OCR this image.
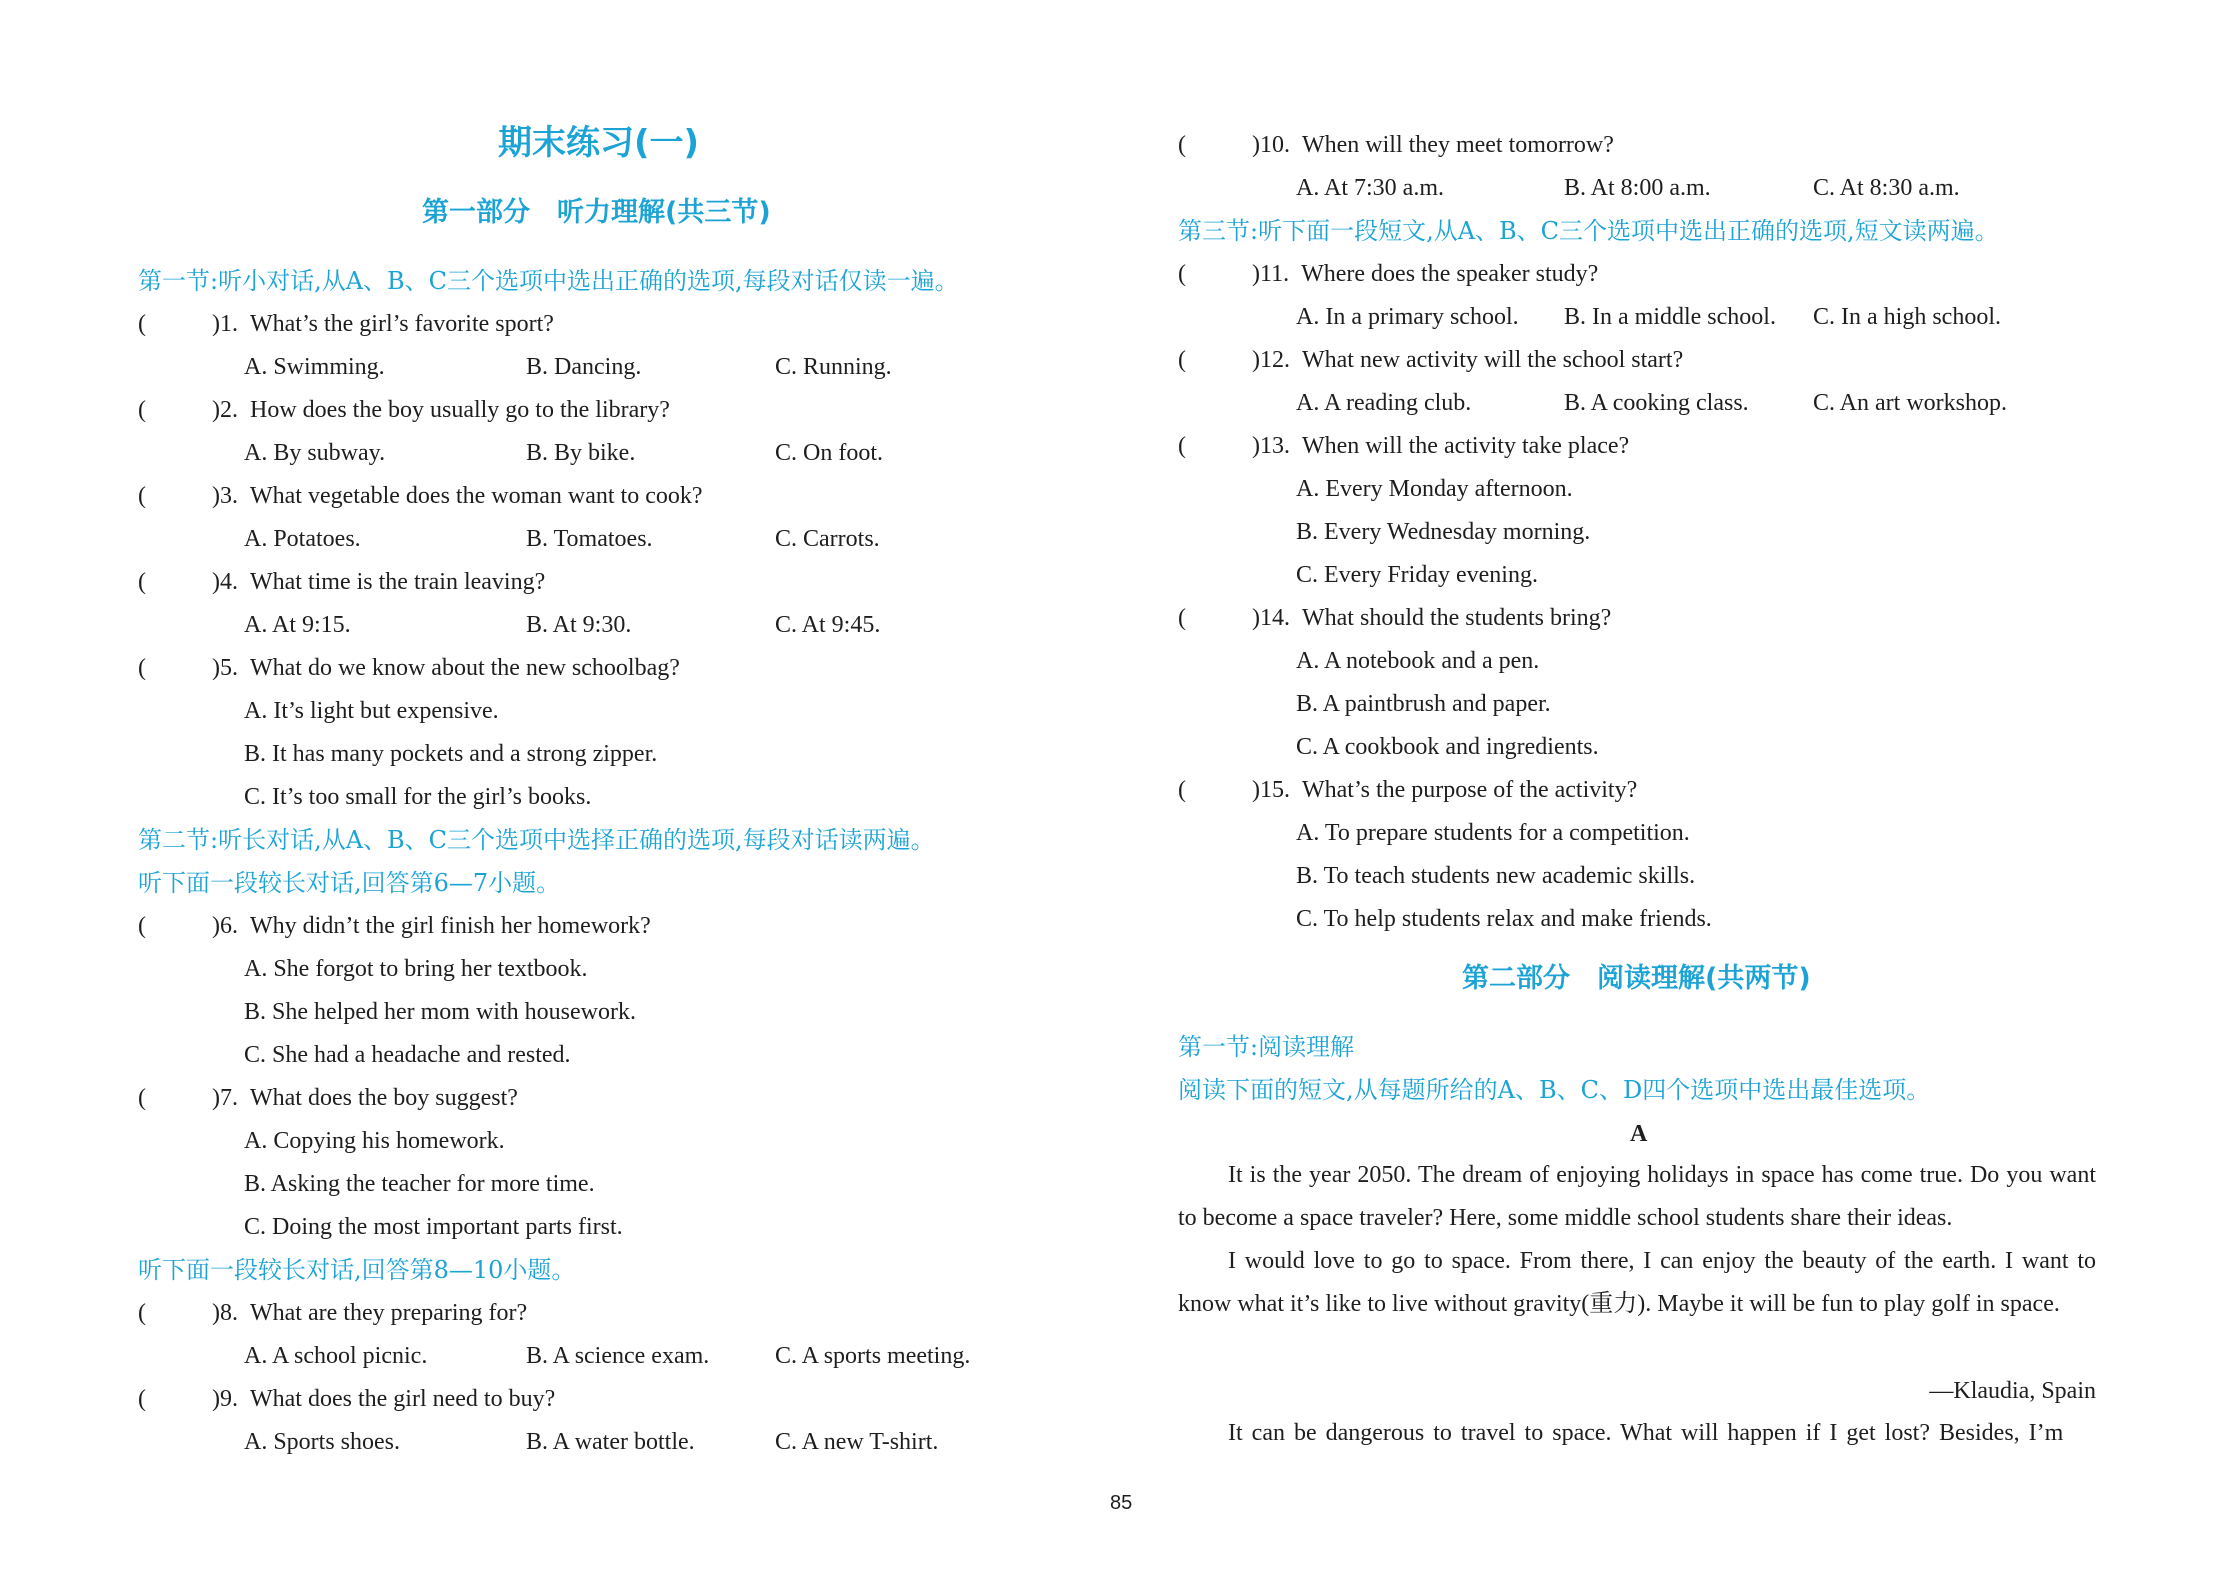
期末练习(一)
第一部分　听力理解(共三节)
第一节:听小对话,从A、B、C三个选项中选出正确的选项,每段对话仅读一遍。
(	)1. What’s the girl’s favorite sport?
A. Swimming.	B. Dancing.	C. Running.
(	)2. How does the boy usually go to the library?
A. By subway.	B. By bike.	C. On foot.
(	)3. What vegetable does the woman want to cook?
A. Potatoes.	B. Tomatoes.	C. Carrots.
(	)4. What time is the train leaving?
A. At 9:15.	B. At 9:30.	C. At 9:45.
(	)5. What do we know about the new schoolbag?
A. It’s light but expensive.
B. It has many pockets and a strong zipper.
C. It’s too small for the girl’s books.
第二节:听长对话,从A、B、C三个选项中选择正确的选项,每段对话读两遍。
听下面一段较长对话,回答第6—7小题。
(	)6. Why didn’t the girl finish her homework?
A. She forgot to bring her textbook.
B. She helped her mom with housework.
C. She had a headache and rested.
(	)7. What does the boy suggest?
A. Copying his homework.
B. Asking the teacher for more time.
C. Doing the most important parts first.
听下面一段较长对话,回答第8—10小题。
(	)8. What are they preparing for?
A. A school picnic.	B. A science exam.	C. A sports meeting.
(	)9. What does the girl need to buy?
A. Sports shoes.	B. A water bottle.	C. A new T-shirt.
(	)10. When will they meet tomorrow?
A. At 7:30 a.m.	B. At 8:00 a.m.	C. At 8:30 a.m.
第三节:听下面一段短文,从A、B、C三个选项中选出正确的选项,短文读两遍。
(	)11. Where does the speaker study?
A. In a primary school. B. In a middle school. C. In a high school.
(	)12. What new activity will the school start?
A. A reading club.	B. A cooking class.	C. An art workshop.
(	)13. When will the activity take place?
A. Every Monday afternoon.
B. Every Wednesday morning.
C. Every Friday evening.
(	)14. What should the students bring?
A. A notebook and a pen.
B. A paintbrush and paper.
C. A cookbook and ingredients.
(	)15. What’s the purpose of the activity?
A. To prepare students for a competition.
B. To teach students new academic skills.
C. To help students relax and make friends.
第二部分　阅读理解(共两节)
第一节:阅读理解
阅读下面的短文,从每题所给的A、B、C、D四个选项中选出最佳选项。
A
It is the year 2050. The dream of enjoying holidays in space has come true. Do you want to become a space traveler? Here, some middle school students share their ideas.
I would love to go to space. From there, I can enjoy the beauty of the earth. I want to know what it’s like to live without gravity(重力). Maybe it will be fun to play golf in space.
—Klaudia, Spain
It can be dangerous to travel to space. What will happen if I get lost? Besides, I’m
85
